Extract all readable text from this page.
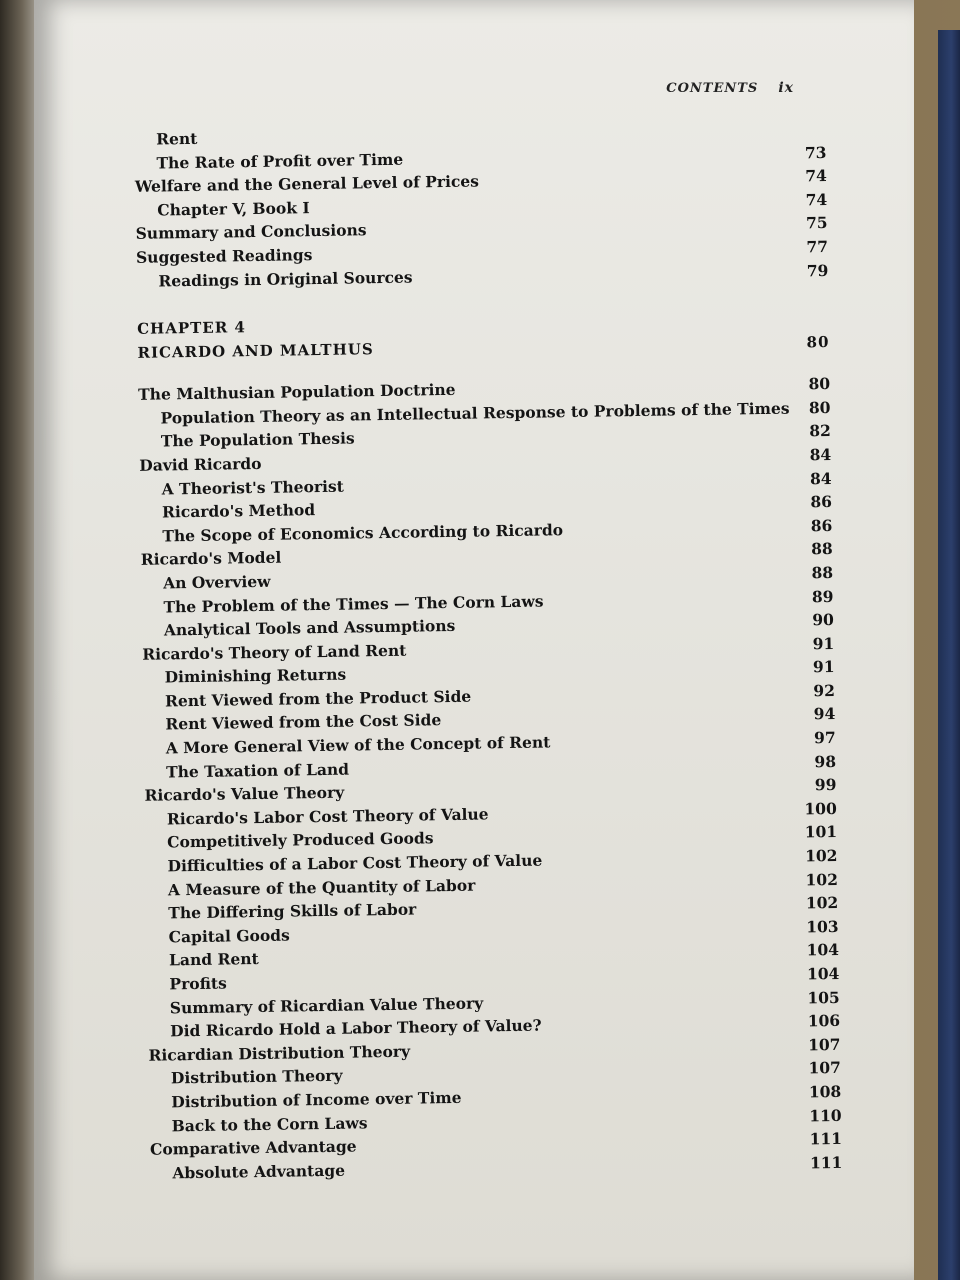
CONTENTS ix
Rent
The Rate of Profit over Time	73
Welfare and the General Level of Prices	74
Chapter V, Book I	74
Summary and Conclusions	75
Suggested Readings	77
Readings in Original Sources	79
CHAPTER 4
RICARDO AND MALTHUS	80
The Malthusian Population Doctrine	80
Population Theory as an Intellectual Response to Problems of the Times 80
The Population Thesis	82
David Ricardo	84
A Theorist's Theorist	84
Ricardo's Method	86
The Scope of Economics According to Ricardo	86
Ricardo's Model	88
An Overview	88
The Problem of the Times — The Corn Laws	89
Analytical Tools and Assumptions	90
Ricardo's Theory of Land Rent	91
Diminishing Returns	91
Rent Viewed from the Product Side	92
Rent Viewed from the Cost Side	94
A More General View of the Concept of Rent	97
The Taxation of Land	98
Ricardo's Value Theory	99
Ricardo's Labor Cost Theory of Value	100
Competitively Produced Goods	101
Difficulties of a Labor Cost Theory of Value	102
A Measure of the Quantity of Labor	102
The Differing Skills of Labor	102
Capital Goods	103
Land Rent	104
Profits	104
Summary of Ricardian Value Theory	105
Did Ricardo Hold a Labor Theory of Value?	106
Ricardian Distribution Theory	107
Distribution Theory	107
Distribution of Income over Time	108
Back to the Corn Laws	110
Comparative Advantage	111
Absolute Advantage	111
